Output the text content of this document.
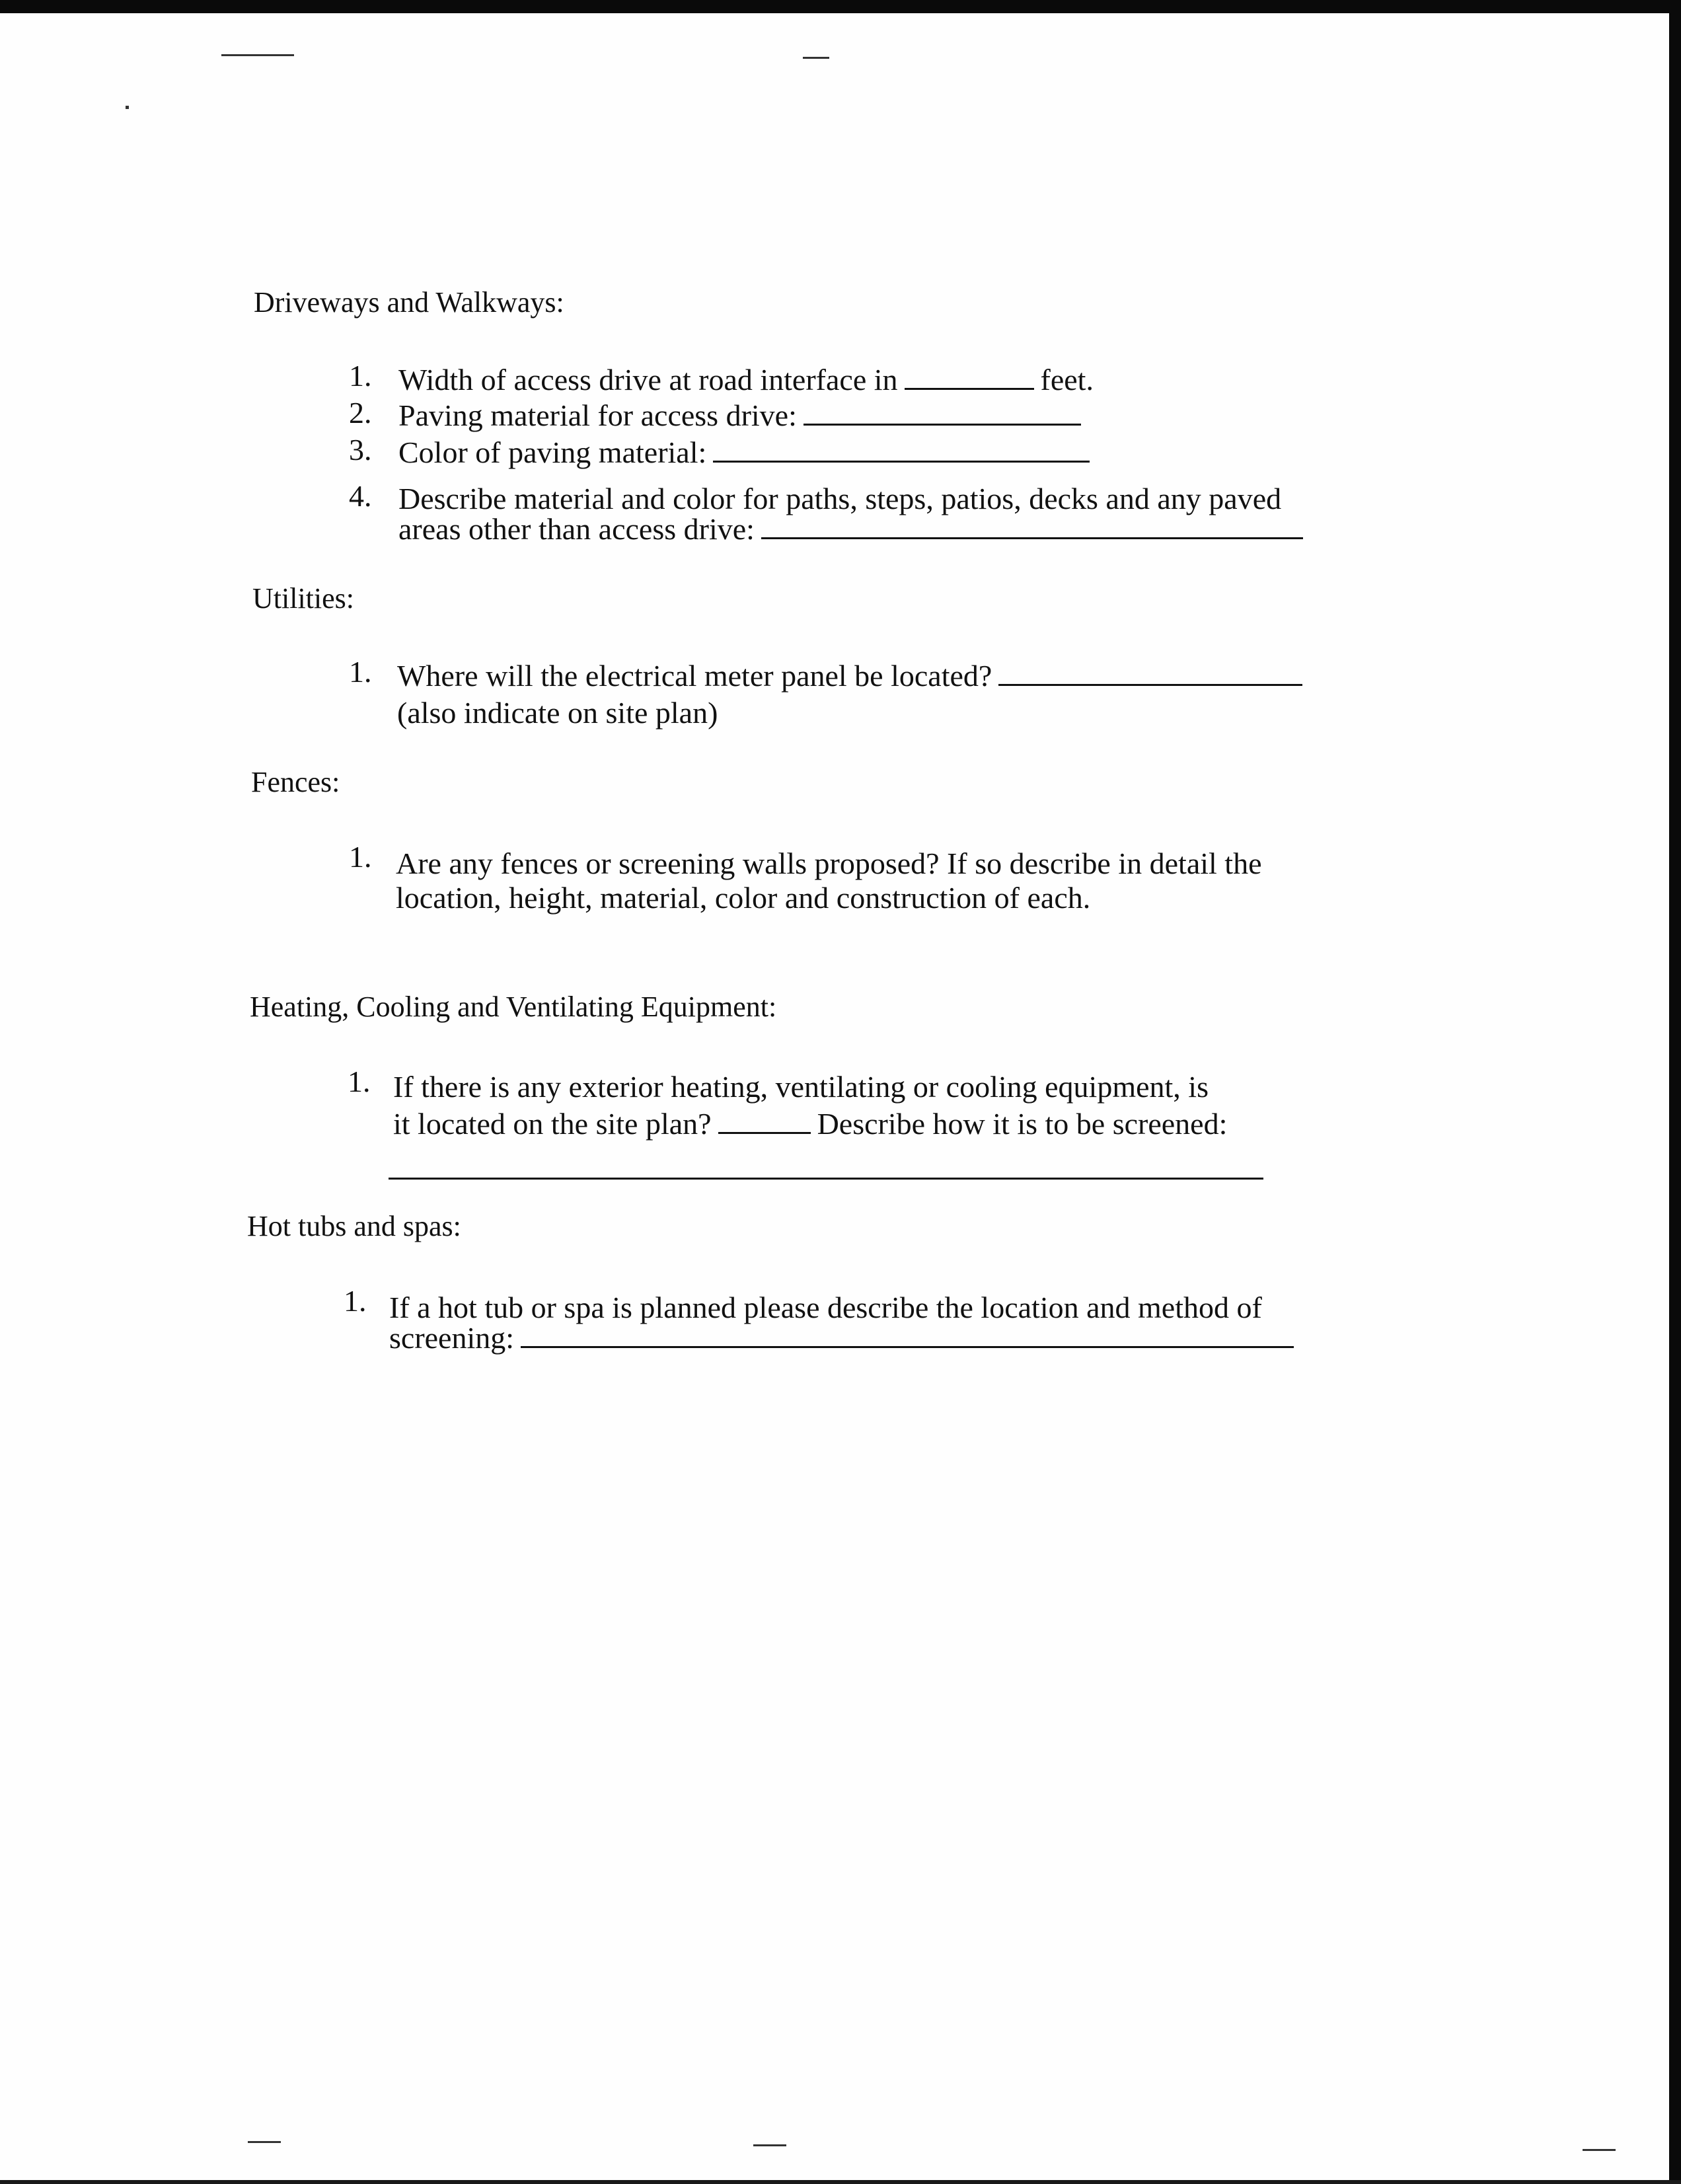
Driveways and Walkways:
1. Width of access drive at road interface in	feet.
2. Paving material for access drive:
3. Color of paving material:
4. Describe material and color for paths, steps, patios, decks and any paved
areas other than access drive:
Utilities:
1. Where will the electrical meter panel be located?
(also indicate on site plan)
Fences:
1. Are any fences or screening walls proposed? If so describe in detail the
location, height, material, color and construction of each.
Heating, Cooling and Ventilating Equipment:
1. If there is any exterior heating, ventilating or cooling equipment, is
it located on the site plan?	Describe how it is to be screened:
Hot tubs and spas:
1. If a hot tub or spa is planned please describe the location and method of
screening:
